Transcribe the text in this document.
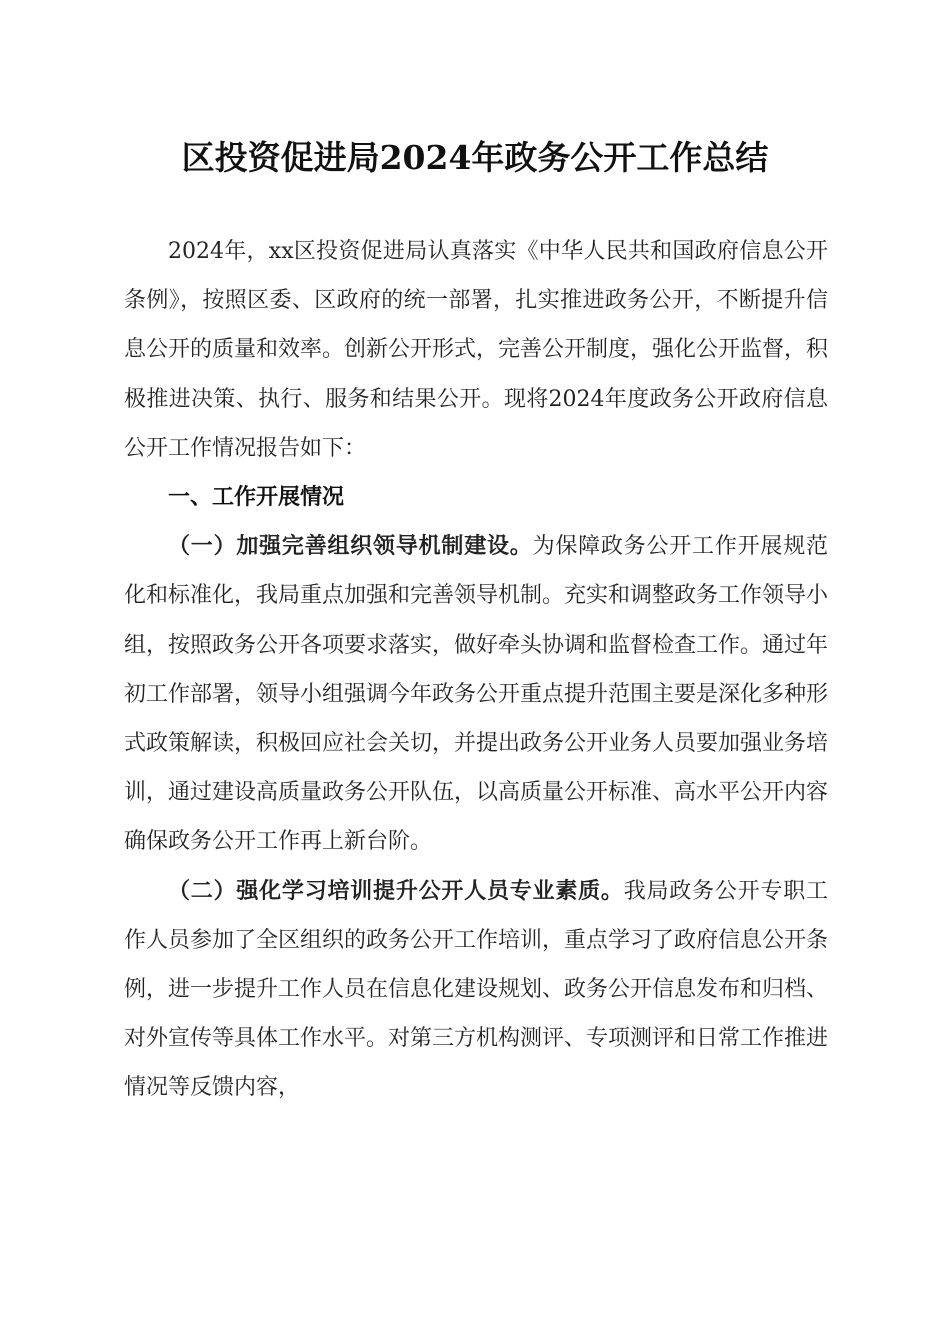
区投资促进局2024年政务公开工作总结

2024年，xx区投资促进局认真落实《中华人民共和国政府信息公开条例》，按照区委、区政府的统一部署，扎实推进政务公开，不断提升信息公开的质量和效率。创新公开形式，完善公开制度，强化公开监督，积极推进决策、执行、服务和结果公开。现将2024年度政务公开政府信息公开工作情况报告如下：

一、工作开展情况

（一）加强完善组织领导机制建设。为保障政务公开工作开展规范化和标准化，我局重点加强和完善领导机制。充实和调整政务工作领导小组，按照政务公开各项要求落实，做好牵头协调和监督检查工作。通过年初工作部署，领导小组强调今年政务公开重点提升范围主要是深化多种形式政策解读，积极回应社会关切，并提出政务公开业务人员要加强业务培训，通过建设高质量政务公开队伍，以高质量公开标准、高水平公开内容确保政务公开工作再上新台阶。

（二）强化学习培训提升公开人员专业素质。我局政务公开专职工作人员参加了全区组织的政务公开工作培训，重点学习了政府信息公开条例，进一步提升工作人员在信息化建设规划、政务公开信息发布和归档、对外宣传等具体工作水平。对第三方机构测评、专项测评和日常工作推进情况等反馈内容，
